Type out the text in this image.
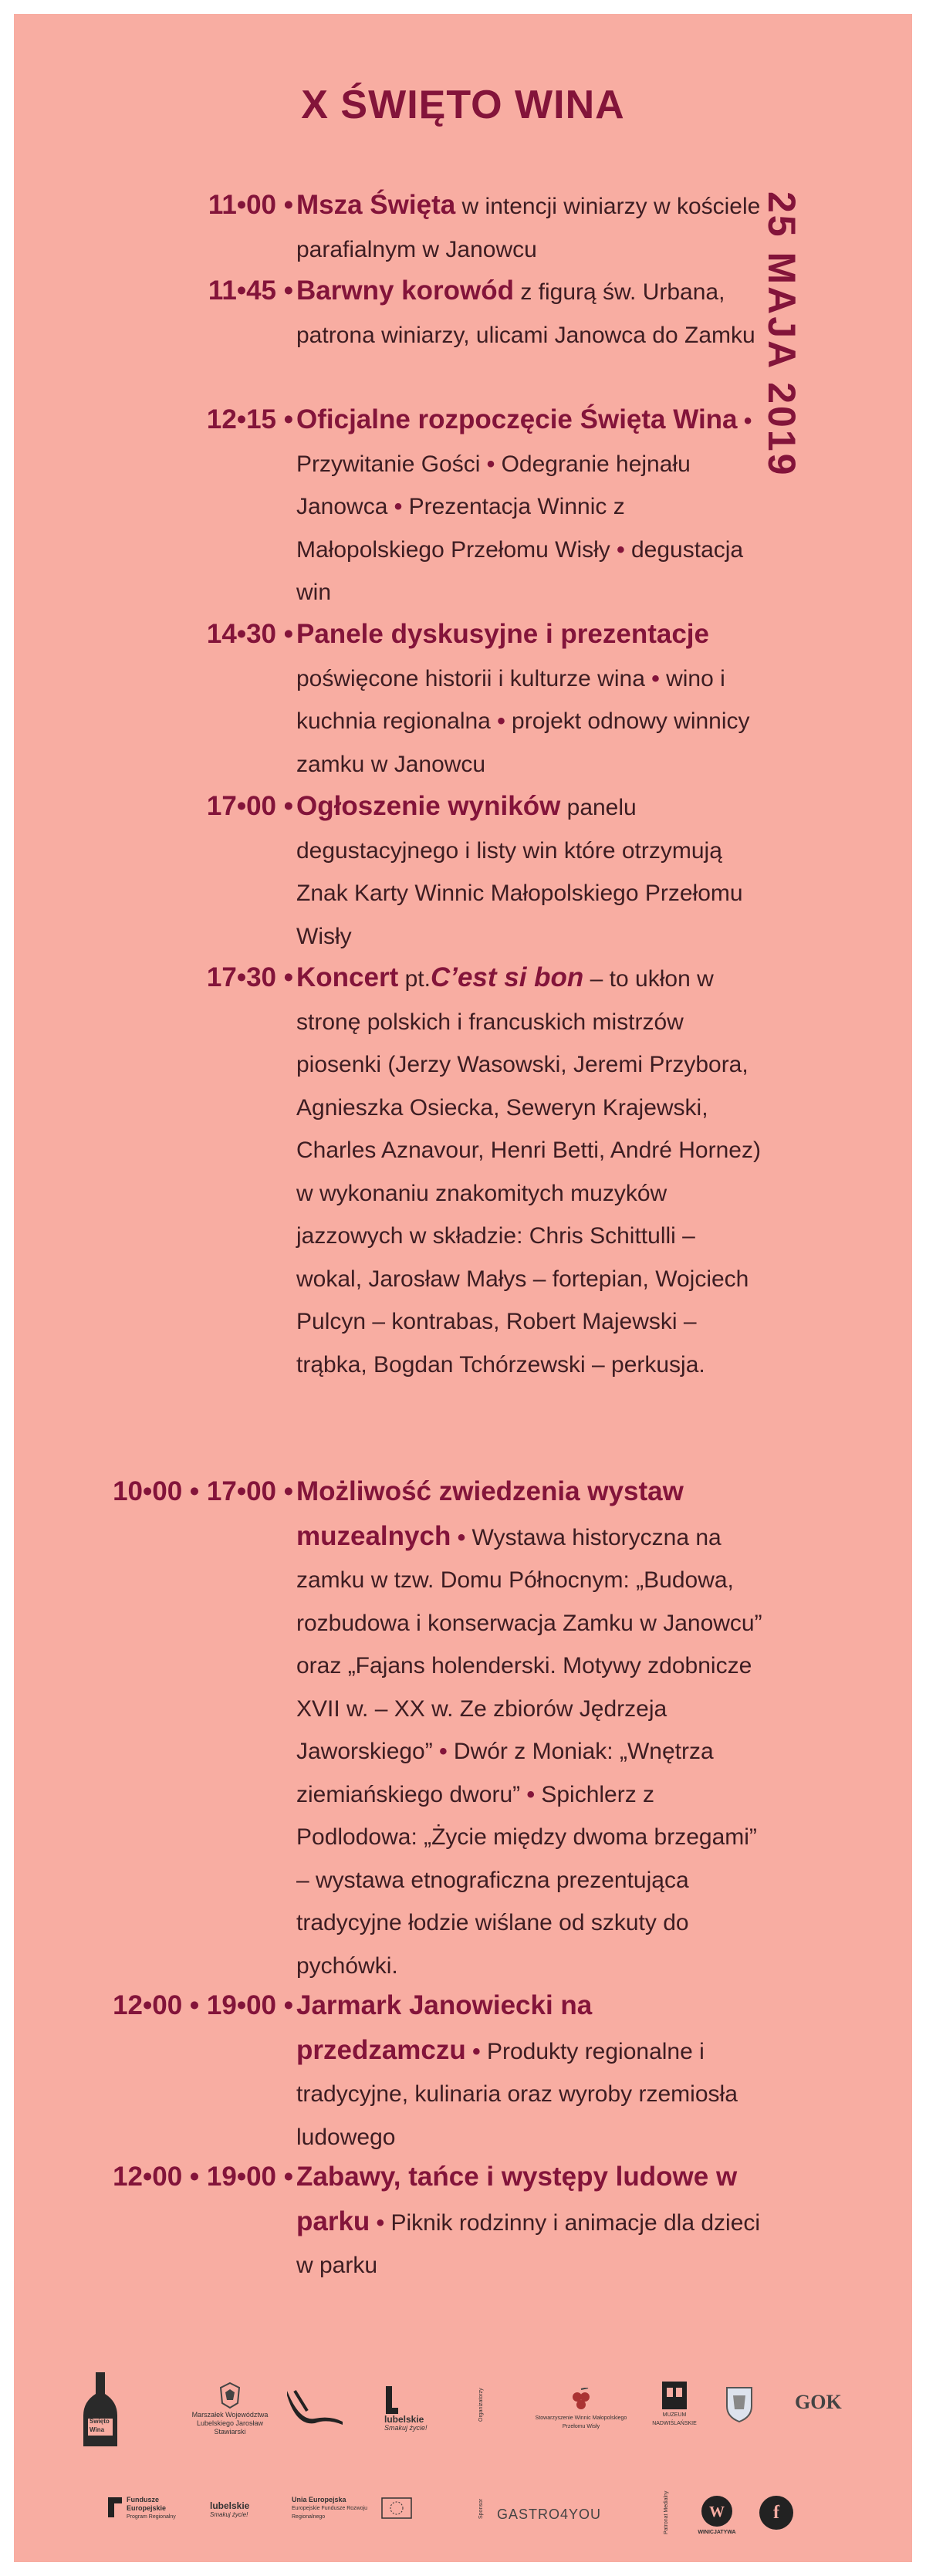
X ŚWIĘTO WINA
25 MAJA 2019
11•00 • Msza Święta w intencji winiarzy w kościele parafialnym w Janowcu
11•45 • Barwny korowód z figurą św. Urbana, patrona winiarzy, ulicami Janowca do Zamku
12•15 • Oficjalne rozpoczęcie Święta Wina • Przywitanie Gości • Odegranie hejnału Janowca • Prezentacja Winnic z Małopolskiego Przełomu Wisły • degustacja win
14•30 • Panele dyskusyjne i prezentacje poświęcone historii i kulturze wina • wino i kuchnia regionalna • projekt odnowy winnicy zamku w Janowcu
17•00 • Ogłoszenie wyników panelu degustacyjnego i listy win które otrzymują Znak Karty Winnic Małopolskiego Przełomu Wisły
17•30 • Koncert pt.C’est si bon – to ukłon w stronę polskich i francuskich mistrzów piosenki (Jerzy Wasowski, Jeremi Przybora, Agnieszka Osiecka, Seweryn Krajewski, Charles Aznavour, Henri Betti, André Hornez) w wykonaniu znakomitych muzyków jazzowych w składzie: Chris Schittulli – wokal, Jarosław Małys – fortepian, Wojciech Pulcyn – kontrabas, Robert Majewski – trąbka, Bogdan Tchórzewski – perkusja.
10•00 • 17•00 • Możliwość zwiedzenia wystaw muzealnych • Wystawa historyczna na zamku w tzw. Domu Północnym: „Budowa, rozbudowa i konserwacja Zamku w Janowcu” oraz „Fajans holenderski. Motywy zdobnicze XVII w. – XX w. Ze zbiorów Jędrzeja Jaworskiego” • Dwór z Moniak: „Wnętrza ziemiańskiego dworu” • Spichlerz z Podlodowa: „Życie między dwoma brzegami” – wystawa etnograficzna prezentująca tradycyjne łodzie wiślane od szkuty do pychówki.
12•00 • 19•00 • Jarmark Janowiecki na przedzamczu • Produkty regionalne i tradycyjne, kulinaria oraz wyroby rzemiosła ludowego
12•00 • 19•00 • Zabawy, tańce i występy ludowe w parku • Piknik rodzinny i animacje dla dzieci w parku
Święto Wina
Marszałek Województwa Lubelskiego Jarosław Stawiarski
lubelskie
Smakuj życie!
Organizatorzy	Stowarzyszenie Winnic Małopolskiego Przełomu Wisły
MUZEUM NADWIŚLAŃSKIE
GOK
Fundusze Europejskie
Program Regionalny
lubelskie
Smakuj życie!
Unia Europejska
Europejskie Fundusze Rozwoju Regionalnego	Sponsor GASTRO4YOU	Patronat Medialny	W
WINICJATYWA
f
